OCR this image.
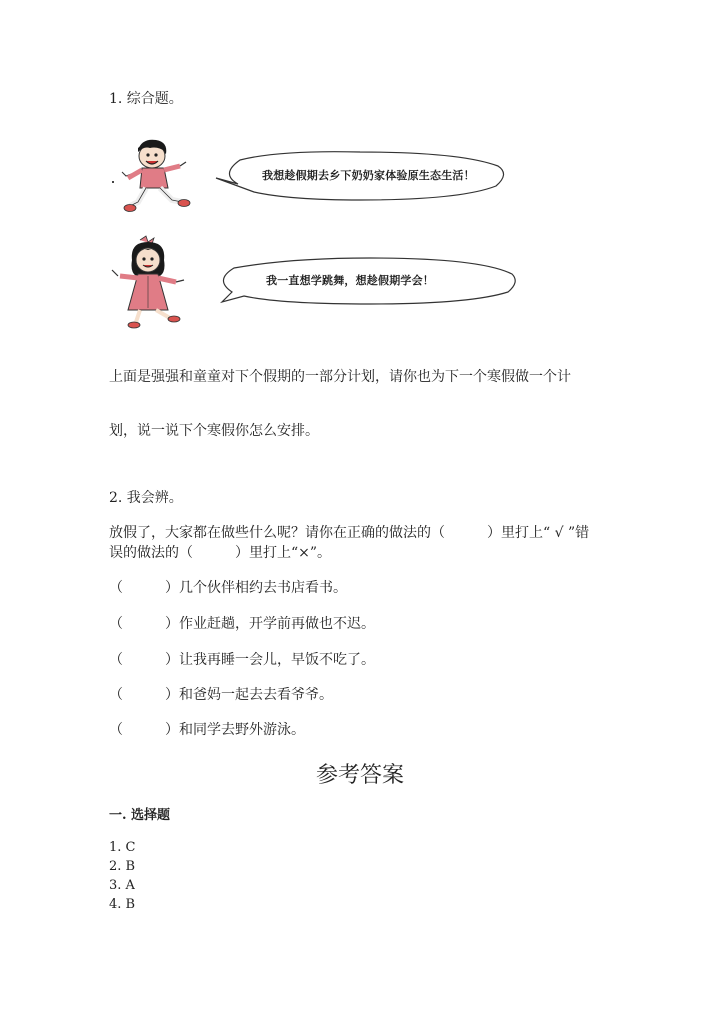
1. 综合题。
我想趁假期去乡下奶奶家体验原生态生活！
我一直想学跳舞，想趁假期学会！
上面是强强和童童对下个假期的一部分计划，请你也为下一个寒假做一个计
划，说一说下个寒假你怎么安排。
2. 我会辨。
放假了，大家都在做些什么呢？请你在正确的做法的（　　　）里打上“ √ ”错
误的做法的（　　　）里打上“×”。
（　　　）几个伙伴相约去书店看书。
（　　　）作业赶趟，开学前再做也不迟。
（　　　）让我再睡一会儿，早饭不吃了。
（　　　）和爸妈一起去去看爷爷。
（　　　）和同学去野外游泳。
参考答案
一. 选择题
1. C
2. B
3. A
4. B
